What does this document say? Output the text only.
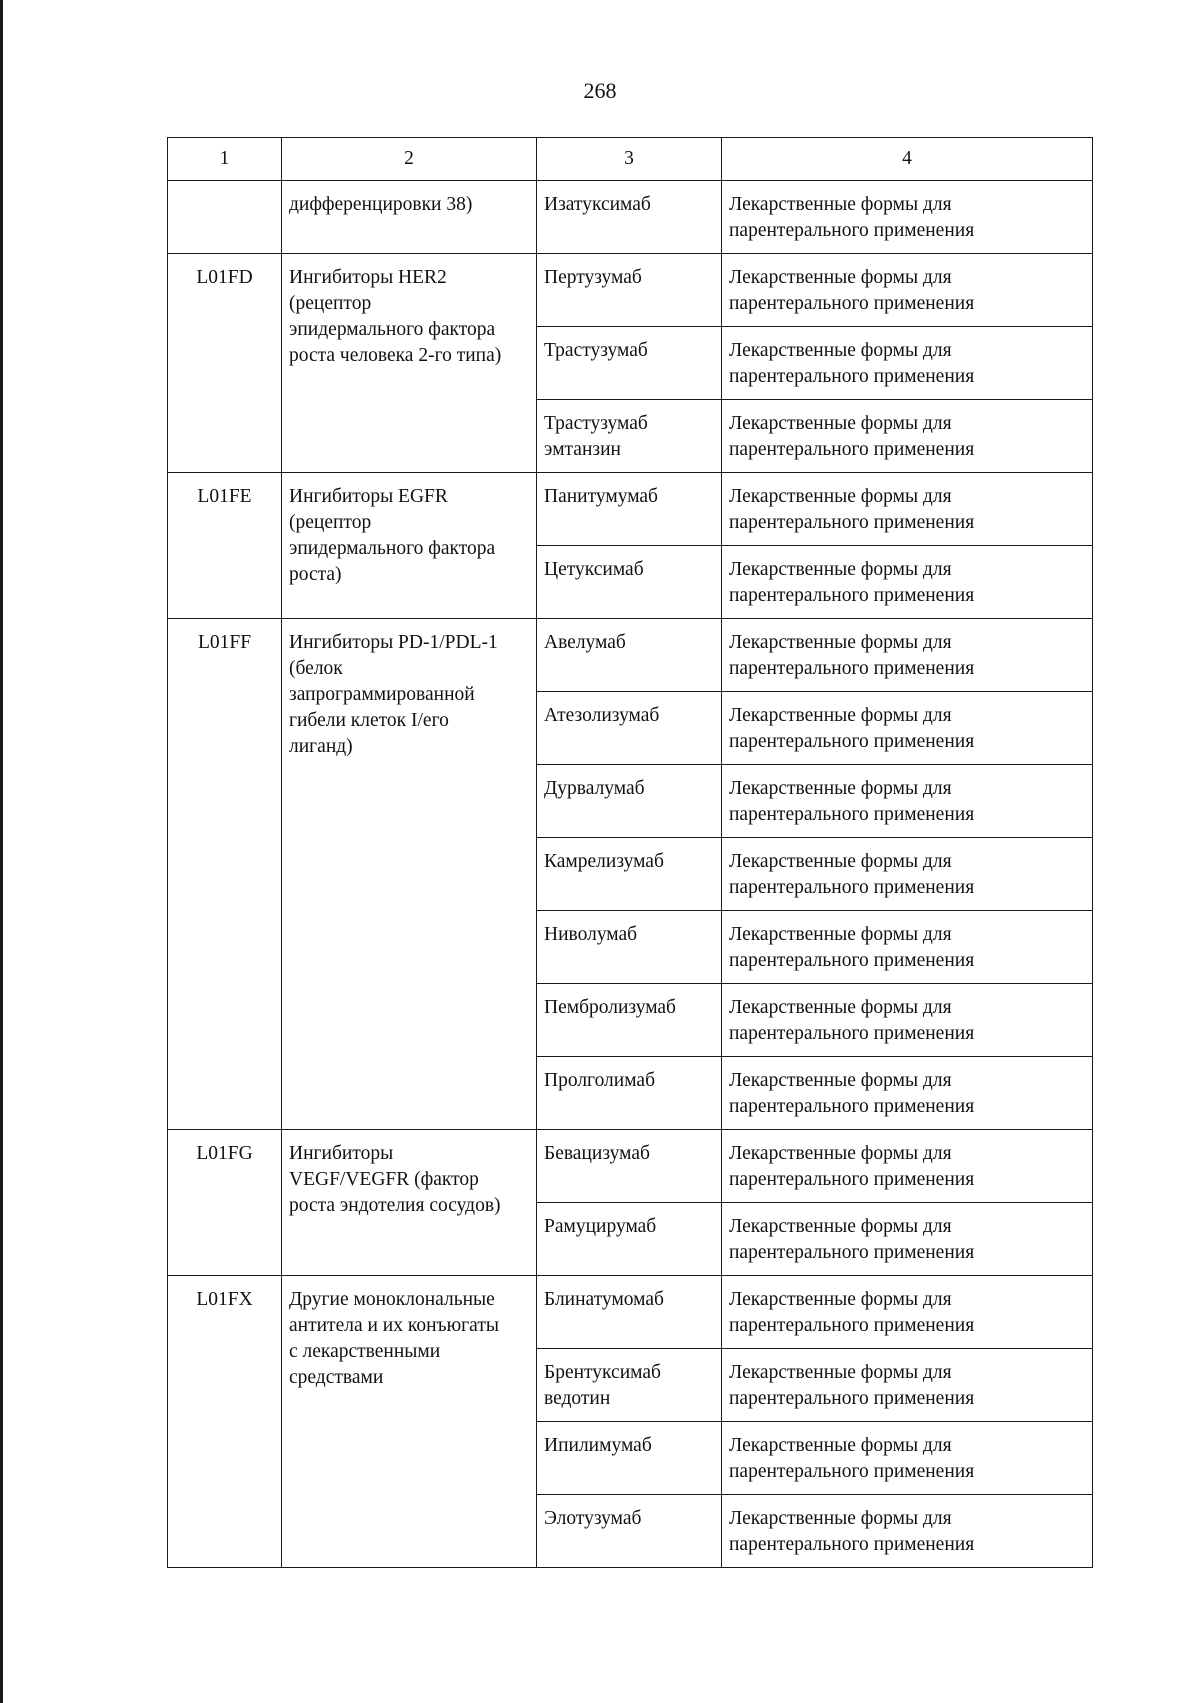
268
1	2	3	4
	дифференцировки 38)	Изатуксимаб	Лекарственные формы для
парентерального применения
L01FD	Ингибиторы HER2
(рецептор
эпидермального фактора
роста человека 2-го типа)	Пертузумаб	Лекарственные формы для
парентерального применения
		Трастузумаб	Лекарственные формы для
парентерального применения
		Трастузумаб
эмтанзин	Лекарственные формы для
парентерального применения
L01FE	Ингибиторы EGFR
(рецептор
эпидермального фактора
роста)	Панитумумаб	Лекарственные формы для
парентерального применения
		Цетуксимаб	Лекарственные формы для
парентерального применения
L01FF	Ингибиторы PD-1/PDL-1
(белок
запрограммированной
гибели клеток I/его
лиганд)	Авелумаб	Лекарственные формы для
парентерального применения
		Атезолизумаб	Лекарственные формы для
парентерального применения
		Дурвалумаб	Лекарственные формы для
парентерального применения
		Камрелизумаб	Лекарственные формы для
парентерального применения
		Ниволумаб	Лекарственные формы для
парентерального применения
		Пембролизумаб	Лекарственные формы для
парентерального применения
		Пролголимаб	Лекарственные формы для
парентерального применения
L01FG	Ингибиторы
VEGF/VEGFR (фактор
роста эндотелия сосудов)	Бевацизумаб	Лекарственные формы для
парентерального применения
		Рамуцирумаб	Лекарственные формы для
парентерального применения
L01FX	Другие моноклональные
антитела и их конъюгаты
с лекарственными
средствами	Блинатумомаб	Лекарственные формы для
парентерального применения
		Брентуксимаб
ведотин	Лекарственные формы для
парентерального применения
		Ипилимумаб	Лекарственные формы для
парентерального применения
		Элотузумаб	Лекарственные формы для
парентерального применения
